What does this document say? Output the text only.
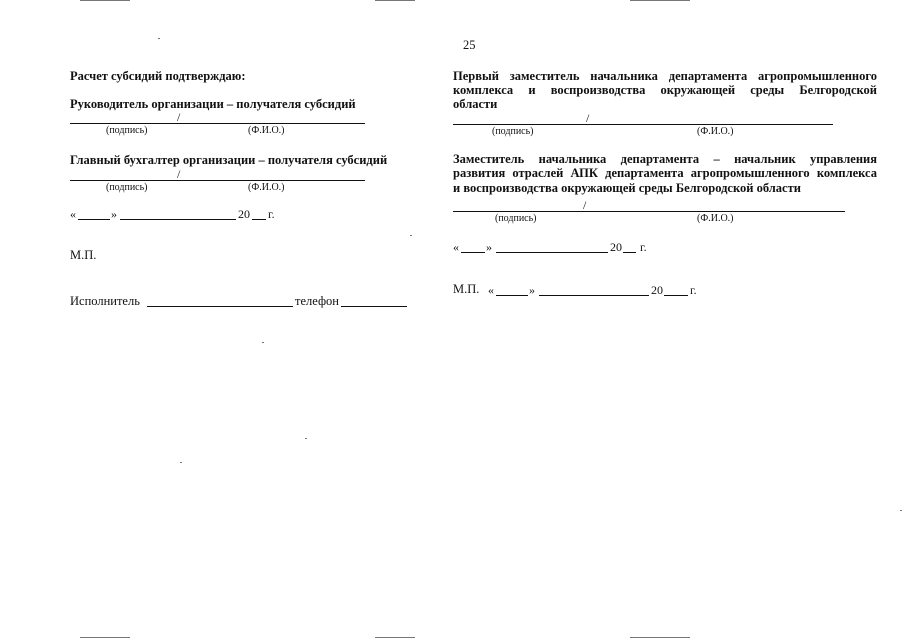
25
Расчет субсидий подтверждаю:
Руководитель организации – получателя субсидий
/
(подпись)	(Ф.И.О.)
Главный бухгалтер организации – получателя субсидий
/
(подпись)	(Ф.И.О.)
«	»	20 г.
М.П.
Исполнитель	телефон
Первый заместитель начальника департамента агропромышленного
комплекса и воспроизводства окружающей среды Белгородской
области
/
(подпись)	(Ф.И.О.)
Заместитель начальника департамента – начальник управления
развития отраслей АПК департамента агропромышленного комплекса
и воспроизводства окружающей среды Белгородской области
/
(подпись)	(Ф.И.О.)
« »	20 г.
М.П. «	»	20 г.
